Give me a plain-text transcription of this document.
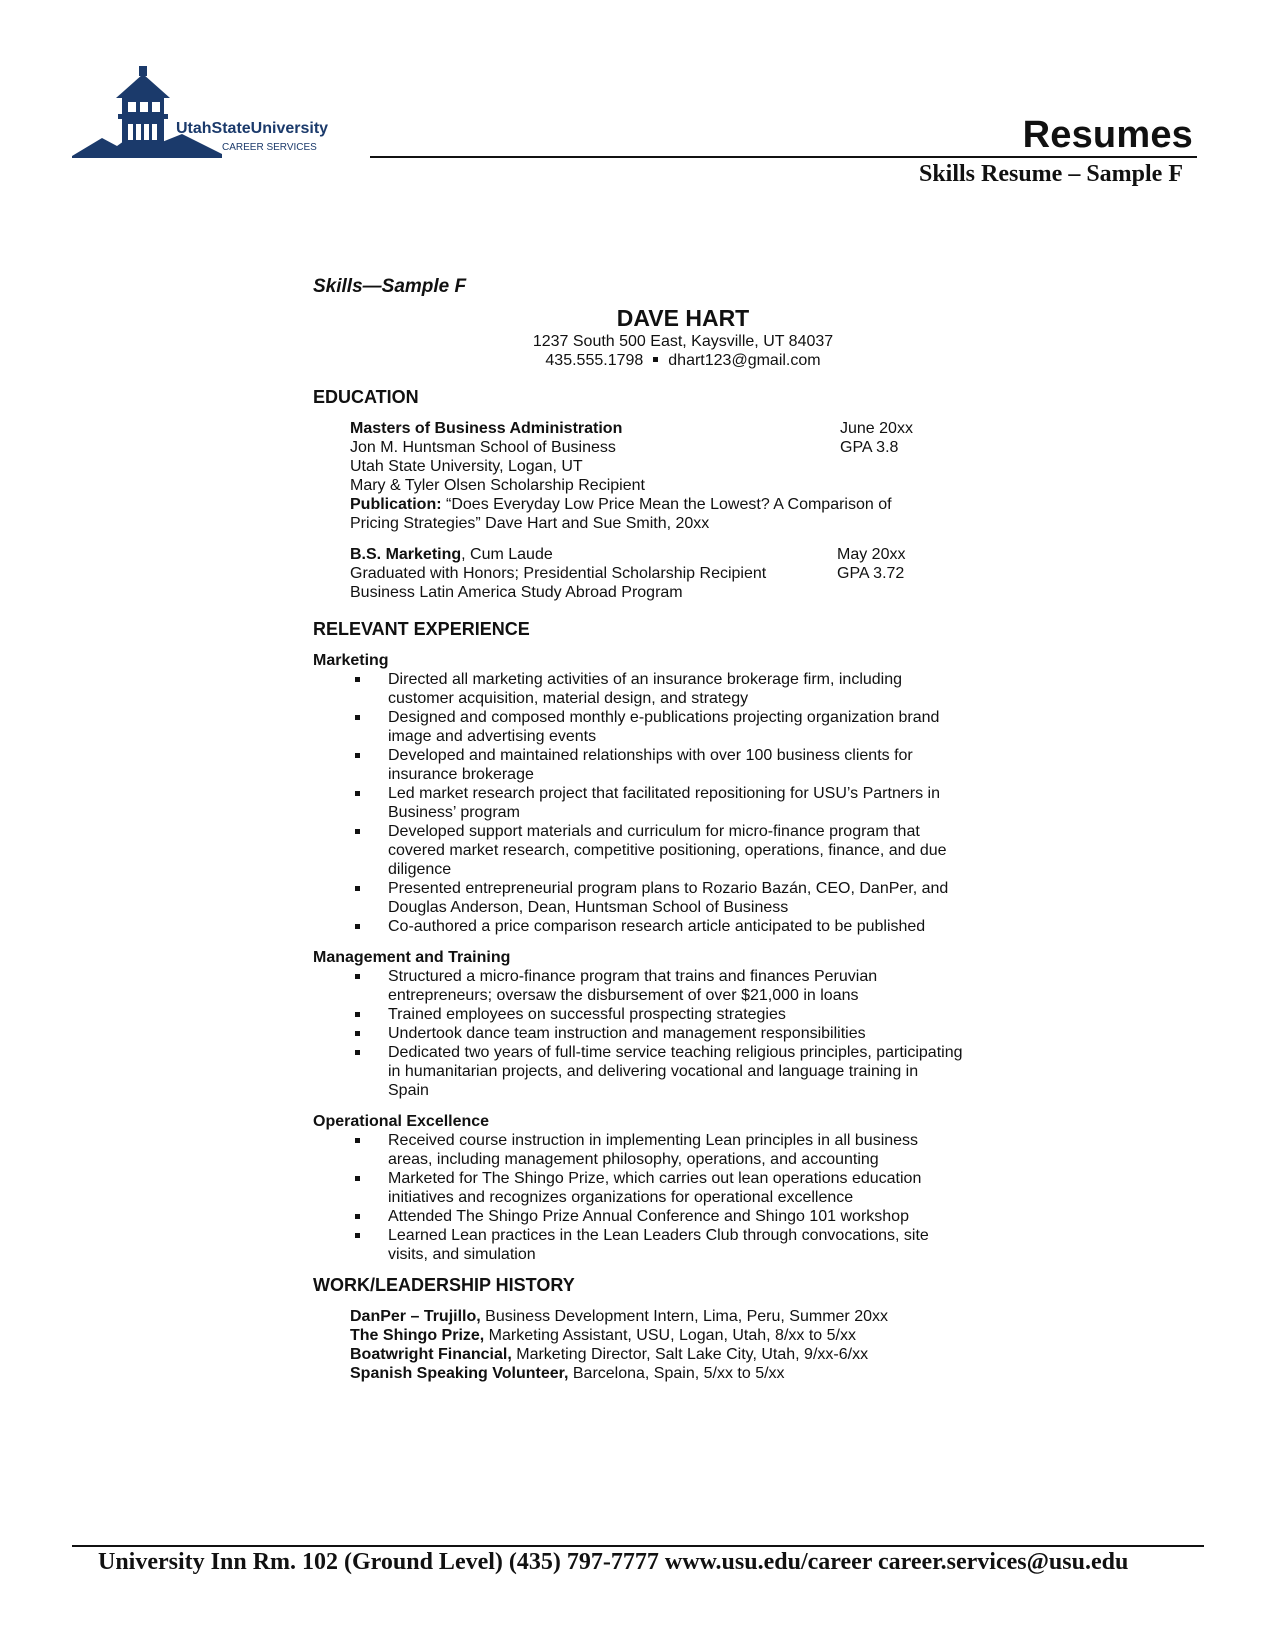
UtahStateUniversity
CAREER SERVICES	Resumes
Skills Resume – Sample F
Skills—Sample F
DAVE HART
1237 South 500 East, Kaysville, UT 84037
435.555.1798 dhart123@gmail.com
EDUCATION
Masters of Business Administration	June 20xx
Jon M. Huntsman School of Business	GPA 3.8
Utah State University, Logan, UT
Mary & Tyler Olsen Scholarship Recipient
Publication: “Does Everyday Low Price Mean the Lowest? A Comparison of Pricing Strategies” Dave Hart and Sue Smith, 20xx
B.S. Marketing, Cum Laude	May 20xx
Graduated with Honors; Presidential Scholarship Recipient	GPA 3.72
Business Latin America Study Abroad Program
RELEVANT EXPERIENCE
Marketing
Directed all marketing activities of an insurance brokerage firm, including customer acquisition, material design, and strategy
Designed and composed monthly e-publications projecting organization brand image and advertising events
Developed and maintained relationships with over 100 business clients for insurance brokerage
Led market research project that facilitated repositioning for USU’s Partners in Business’ program
Developed support materials and curriculum for micro-finance program that covered market research, competitive positioning, operations, finance, and due diligence
Presented entrepreneurial program plans to Rozario Bazán, CEO, DanPer, and Douglas Anderson, Dean, Huntsman School of Business
Co-authored a price comparison research article anticipated to be published
Management and Training
Structured a micro-finance program that trains and finances Peruvian entrepreneurs; oversaw the disbursement of over $21,000 in loans
Trained employees on successful prospecting strategies
Undertook dance team instruction and management responsibilities
Dedicated two years of full-time service teaching religious principles, participating in humanitarian projects, and delivering vocational and language training in Spain
Operational Excellence
Received course instruction in implementing Lean principles in all business areas, including management philosophy, operations, and accounting
Marketed for The Shingo Prize, which carries out lean operations education initiatives and recognizes organizations for operational excellence
Attended The Shingo Prize Annual Conference and Shingo 101 workshop
Learned Lean practices in the Lean Leaders Club through convocations, site visits, and simulation
WORK/LEADERSHIP HISTORY
DanPer – Trujillo, Business Development Intern, Lima, Peru, Summer 20xx
The Shingo Prize, Marketing Assistant, USU, Logan, Utah, 8/xx to 5/xx
Boatwright Financial, Marketing Director, Salt Lake City, Utah, 9/xx-6/xx
Spanish Speaking Volunteer, Barcelona, Spain, 5/xx to 5/xx
University Inn Rm. 102 (Ground Level) (435) 797-7777 www.usu.edu/career career.services@usu.edu
